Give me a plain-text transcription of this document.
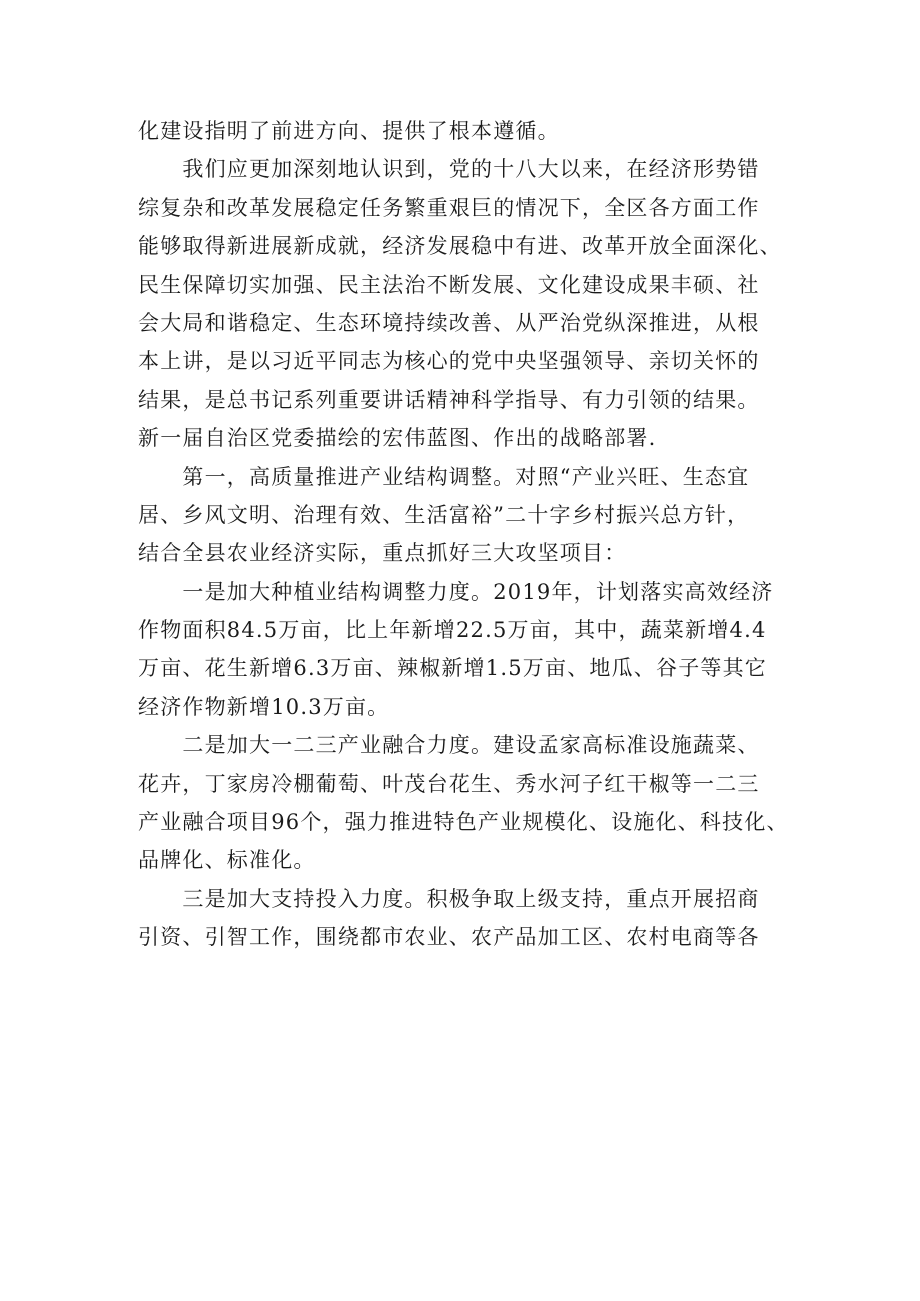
化建设指明了前进方向、提供了根本遵循。
　　我们应更加深刻地认识到，党的十八大以来，在经济形势错
综复杂和改革发展稳定任务繁重艰巨的情况下，全区各方面工作
能够取得新进展新成就，经济发展稳中有进、改革开放全面深化、
民生保障切实加强、民主法治不断发展、文化建设成果丰硕、社
会大局和谐稳定、生态环境持续改善、从严治党纵深推进，从根
本上讲，是以习近平同志为核心的党中央坚强领导、亲切关怀的
结果，是总书记系列重要讲话精神科学指导、有力引领的结果。
新一届自治区党委描绘的宏伟蓝图、作出的战略部署.
　　第一，高质量推进产业结构调整。对照“产业兴旺、生态宜
居、乡风文明、治理有效、生活富裕”二十字乡村振兴总方针，
结合全县农业经济实际，重点抓好三大攻坚项目：
　　一是加大种植业结构调整力度。2019年，计划落实高效经济
作物面积84.5万亩，比上年新增22.5万亩，其中，蔬菜新增4.4
万亩、花生新增6.3万亩、辣椒新增1.5万亩、地瓜、谷子等其它
经济作物新增10.3万亩。
　　二是加大一二三产业融合力度。建设孟家高标准设施蔬菜、
花卉，丁家房冷棚葡萄、叶茂台花生、秀水河子红干椒等一二三
产业融合项目96个，强力推进特色产业规模化、设施化、科技化、
品牌化、标准化。
　　三是加大支持投入力度。积极争取上级支持，重点开展招商
引资、引智工作，围绕都市农业、农产品加工区、农村电商等各
